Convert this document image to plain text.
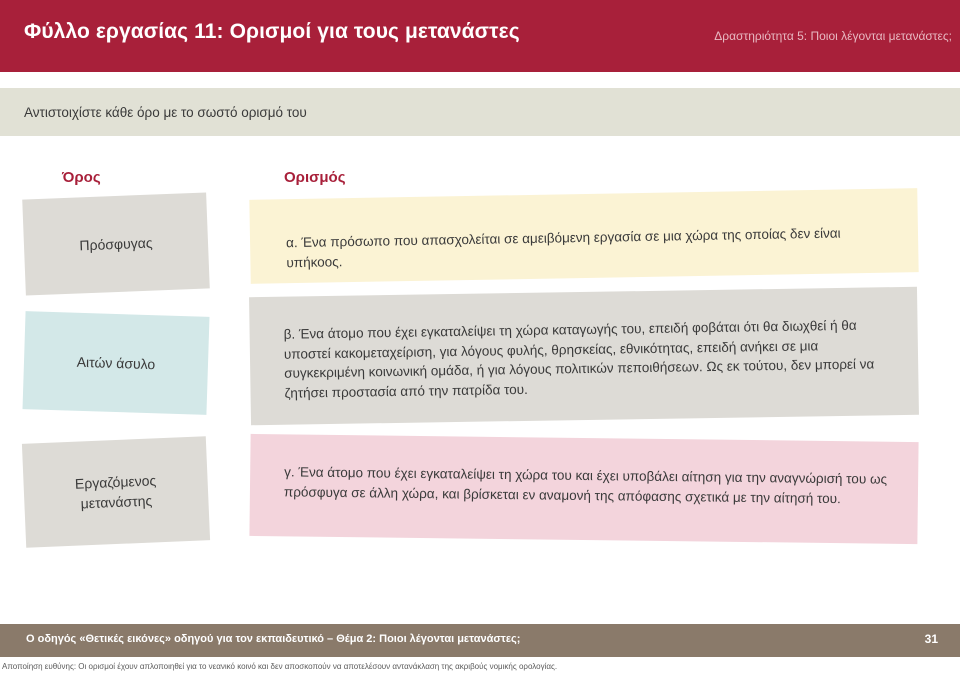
Φύλλο εργασίας 11: Ορισμοί για τους μετανάστες	Δραστηριότητα 5: Ποιοι λέγονται μετανάστες;
Αντιστοιχίστε κάθε όρο με το σωστό ορισμό του
Όρος	Ορισμός
Πρόσφυγας
Αιτών άσυλο
Εργαζόμενος μετανάστης
α. Ένα πρόσωπο που απασχολείται σε αμειβόμενη εργασία σε μια χώρα της οποίας δεν είναι υπήκοος.
β. Ένα άτομο που έχει εγκαταλείψει τη χώρα καταγωγής του, επειδή φοβάται ότι θα διωχθεί ή θα υποστεί κακομεταχείριση, για λόγους φυλής, θρησκείας, εθνικότητας, επειδή ανήκει σε μια συγκεκριμένη κοινωνική ομάδα, ή για λόγους πολιτικών πεποιθήσεων. Ως εκ τούτου, δεν μπορεί να ζητήσει προστασία από την πατρίδα του.
γ. Ένα άτομο που έχει εγκαταλείψει τη χώρα του και έχει υποβάλει αίτηση για την αναγνώρισή του ως πρόσφυγα σε άλλη χώρα, και βρίσκεται εν αναμονή της απόφασης σχετικά με την αίτησή του.
Ο οδηγός «Θετικές εικόνες» οδηγού για τον εκπαιδευτικό – Θέμα 2: Ποιοι λέγονται μετανάστες;	31
Αποποίηση ευθύνης: Οι ορισμοί έχουν απλοποιηθεί για το νεανικό κοινό και δεν αποσκοπούν να αποτελέσουν αντανάκλαση της ακριβούς νομικής ορολογίας.
